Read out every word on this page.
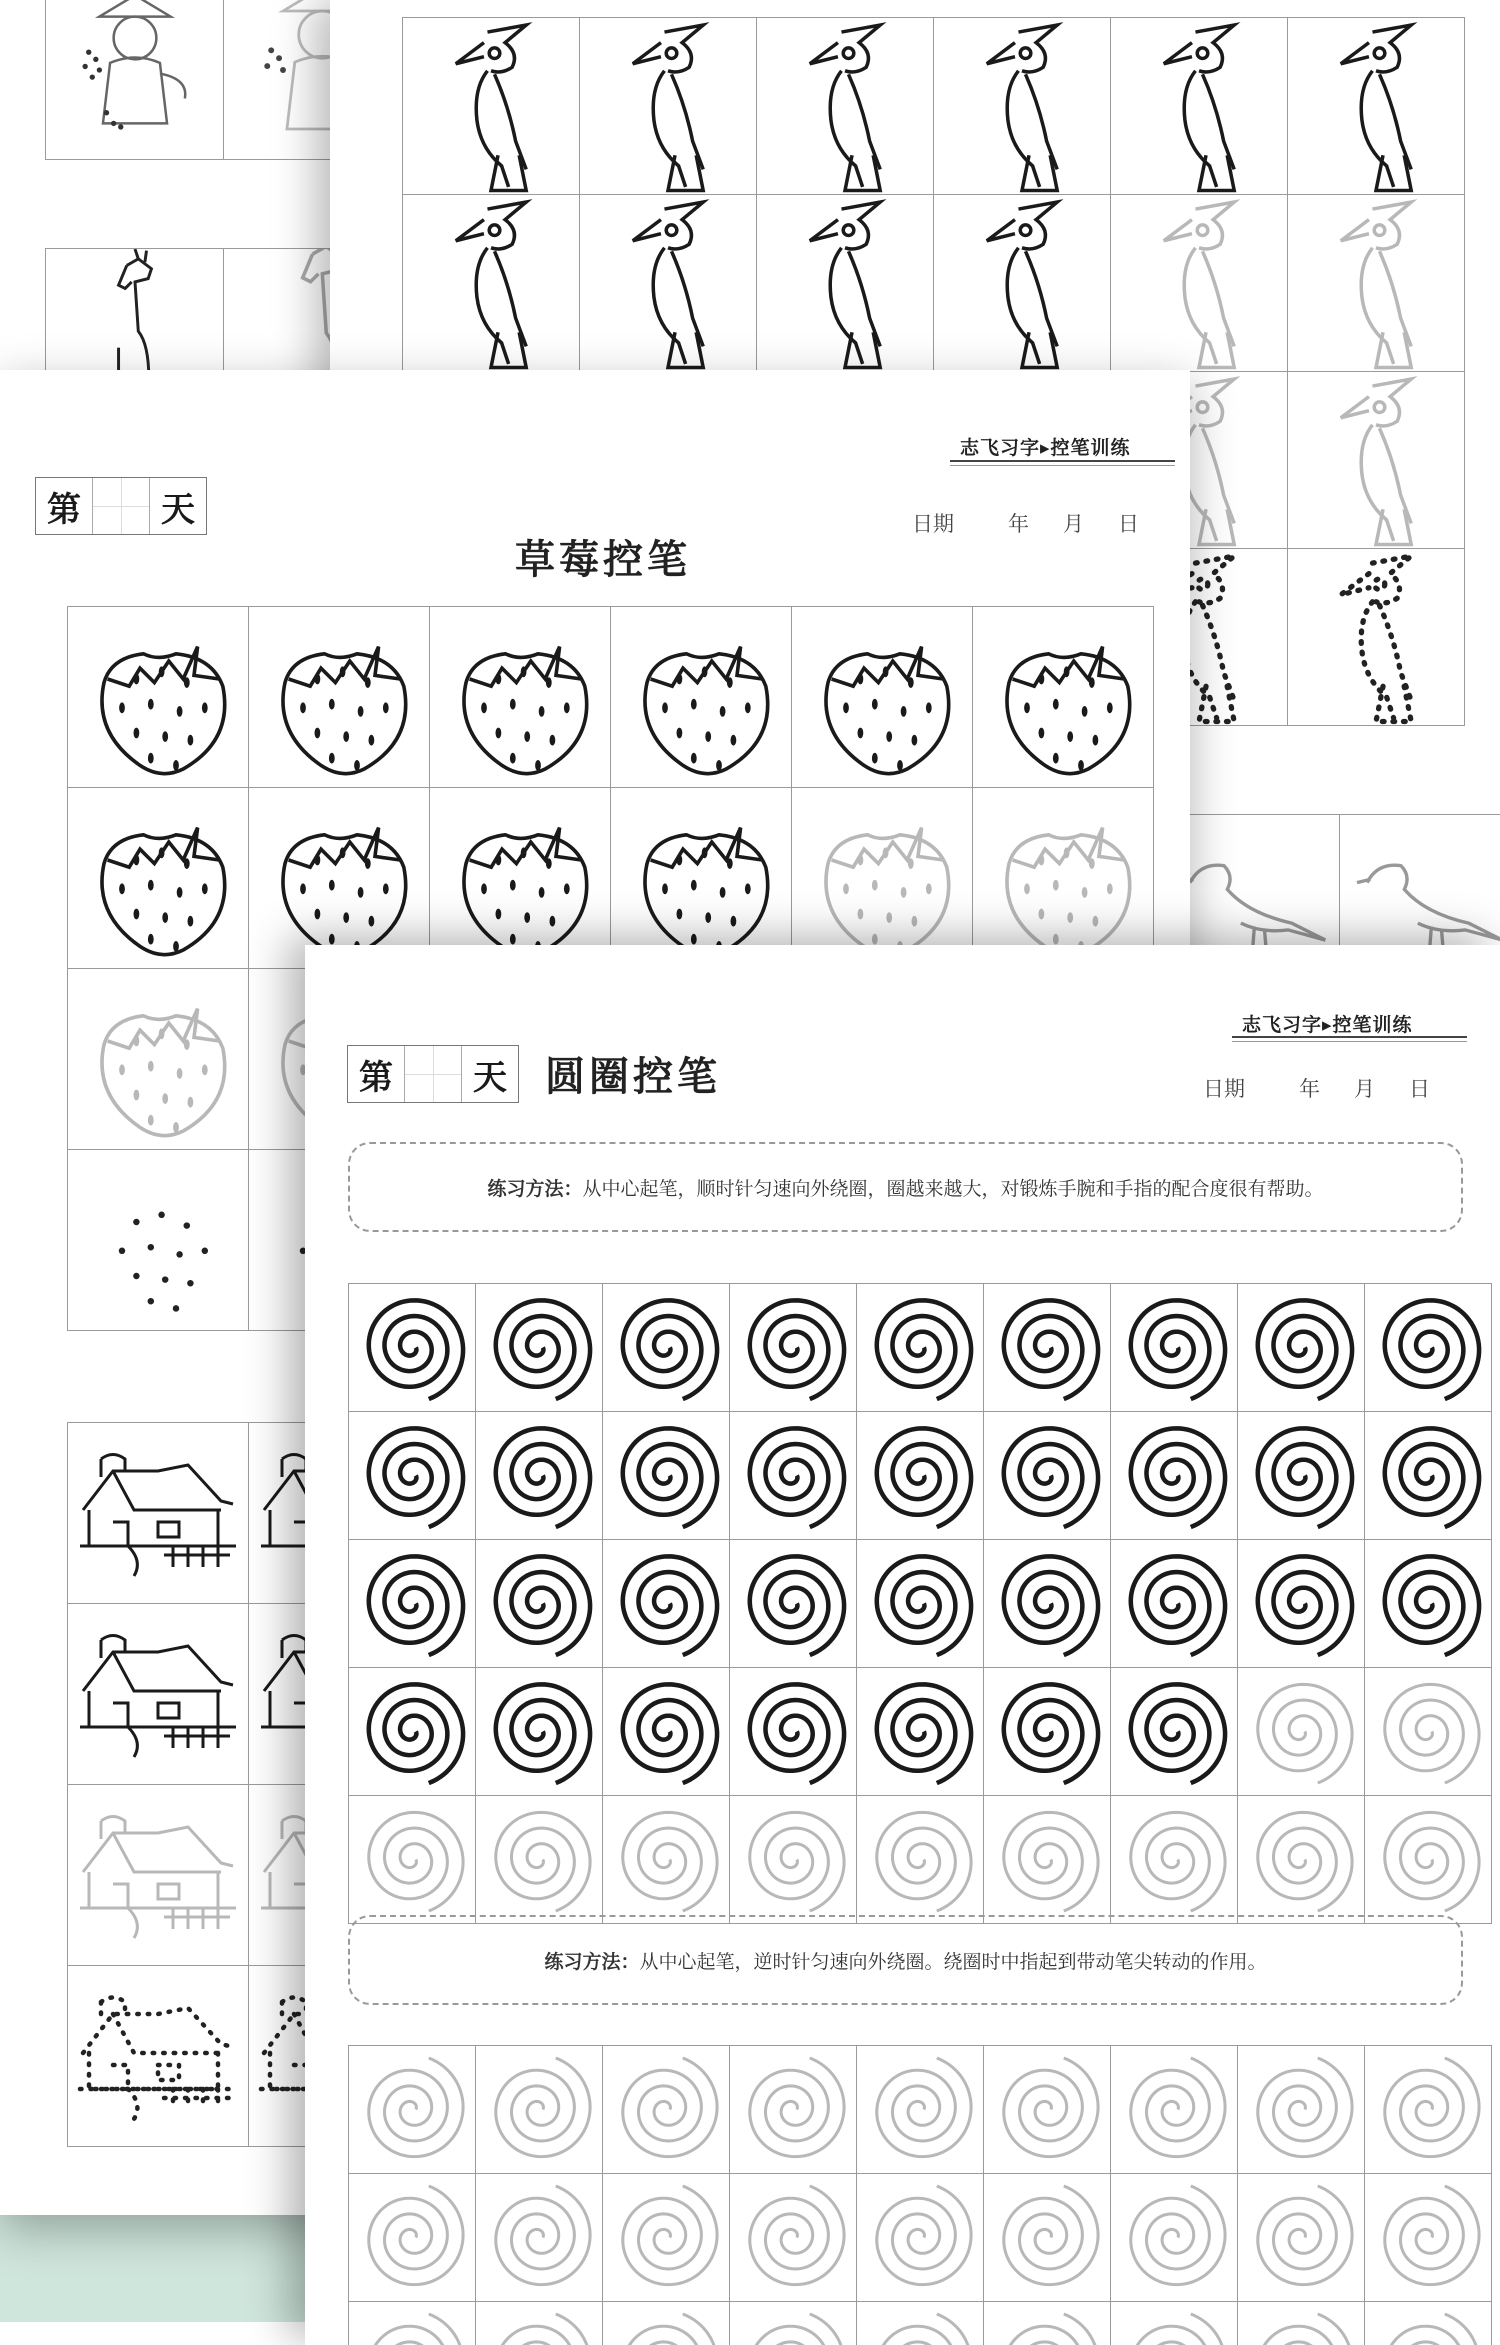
志飞习字▸控笔训练
第	天	日期	年 月 日
草莓控笔
志飞习字▸控笔训练
第	天 圆圈控笔	日期	年 月 日
练习方法： 从中心起笔，顺时针匀速向外绕圈，圈越来越大，对锻炼手腕和手指的配合度很有帮助。
练习方法： 从中心起笔，逆时针匀速向外绕圈。绕圈时中指起到带动笔尖转动的作用。
